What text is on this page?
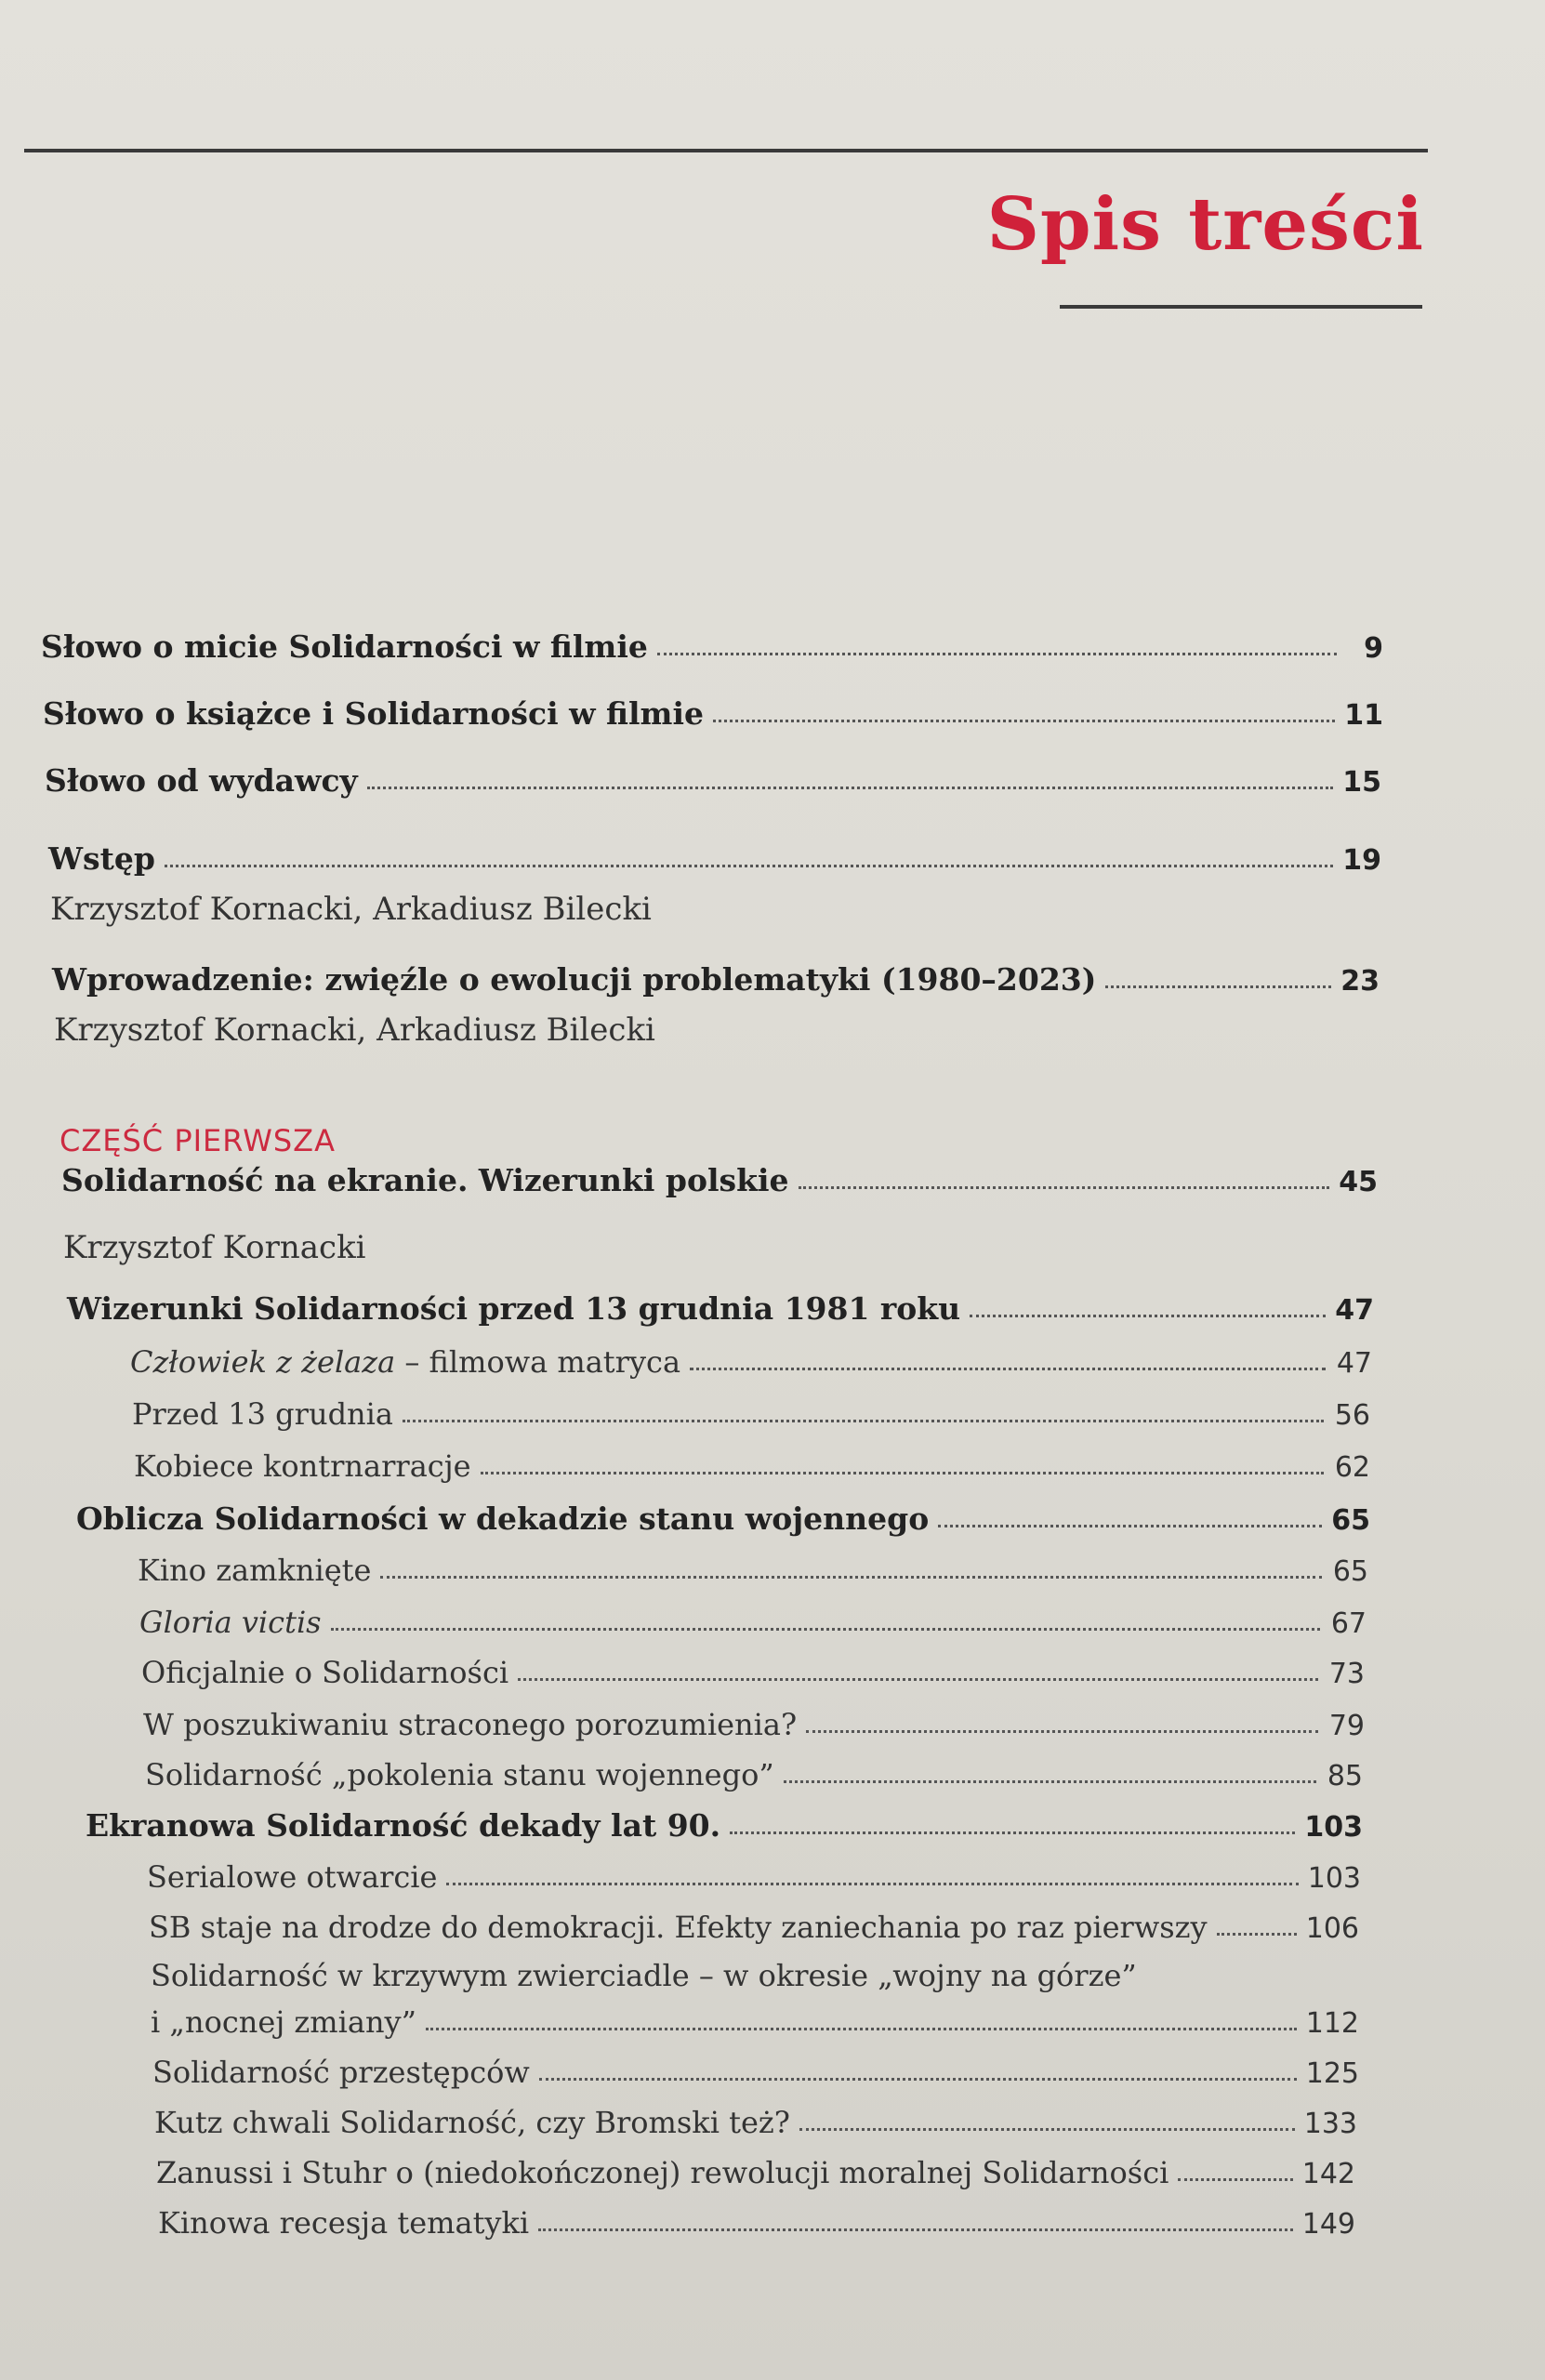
Spis treści
Słowo o micie Solidarności w filmie	9
Słowo o książce i Solidarności w filmie	11
Słowo od wydawcy	15
Wstęp	19
Krzysztof Kornacki, Arkadiusz Bilecki
Wprowadzenie: zwięźle o ewolucji problematyki (1980–2023)	23
Krzysztof Kornacki, Arkadiusz Bilecki
CZĘŚĆ PIERWSZA
Solidarność na ekranie. Wizerunki polskie	45
Krzysztof Kornacki
Wizerunki Solidarności przed 13 grudnia 1981 roku	47
Człowiek z żelaza – filmowa matryca	47
Przed 13 grudnia	56
Kobiece kontrnarracje	62
Oblicza Solidarności w dekadzie stanu wojennego	65
Kino zamknięte	65
Gloria victis	67
Oficjalnie o Solidarności	73
W poszukiwaniu straconego porozumienia?	79
Solidarność „pokolenia stanu wojennego”	85
Ekranowa Solidarność dekady lat 90.	103
Serialowe otwarcie	103
SB staje na drodze do demokracji. Efekty zaniechania po raz pierwszy	106
Solidarność w krzywym zwierciadle – w okresie „wojny na górze”
i „nocnej zmiany”	112
Solidarność przestępców	125
Kutz chwali Solidarność, czy Bromski też?	133
Zanussi i Stuhr o (niedokończonej) rewolucji moralnej Solidarności	142
Kinowa recesja tematyki	149
